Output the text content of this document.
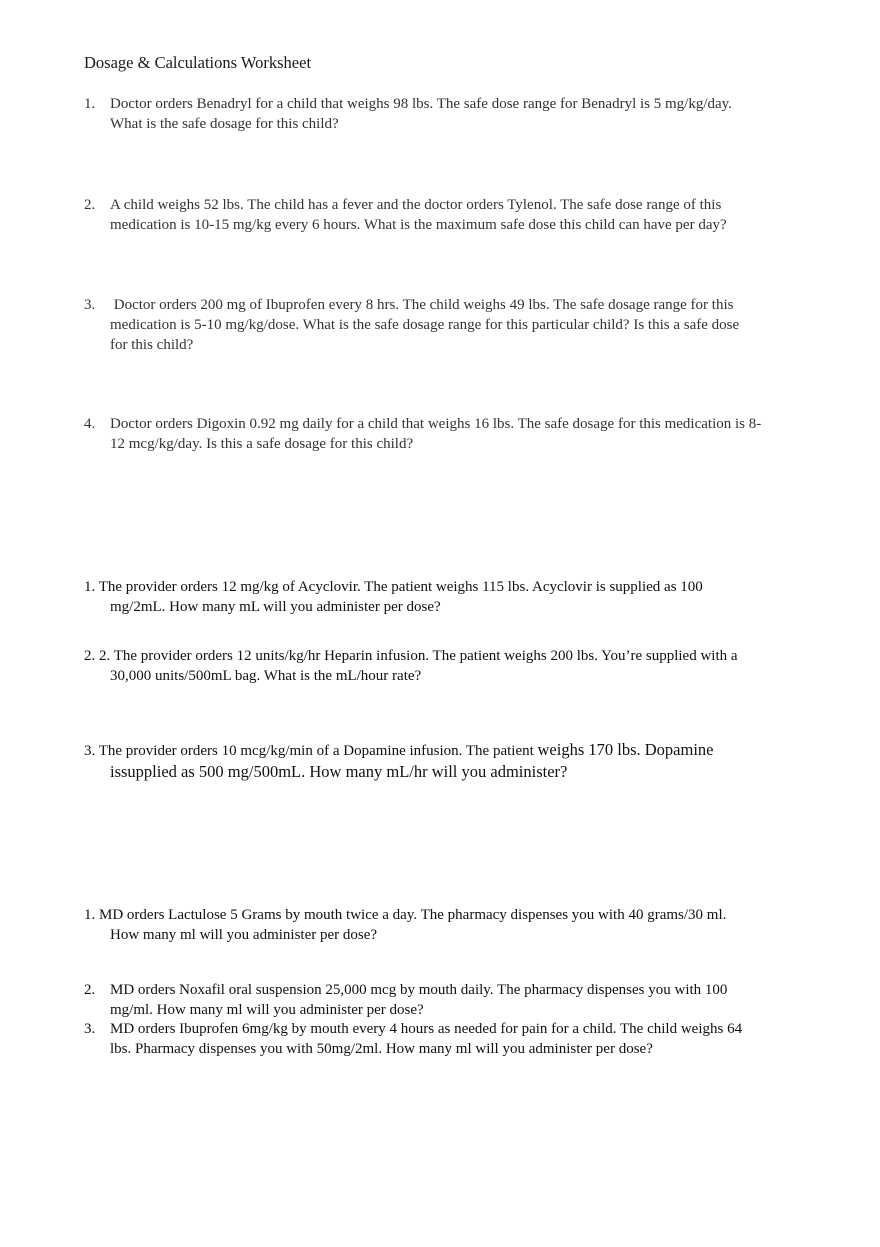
Dosage & Calculations Worksheet
1. Doctor orders Benadryl for a child that weighs 98 lbs. The safe dose range for Benadryl is 5 mg/kg/day.
What is the safe dosage for this child?
2. A child weighs 52 lbs. The child has a fever and the doctor orders Tylenol. The safe dose range of this
medication is 10-15 mg/kg every 6 hours. What is the maximum safe dose this child can have per day?
3. Doctor orders 200 mg of Ibuprofen every 8 hrs. The child weighs 49 lbs. The safe dosage range for this
medication is 5-10 mg/kg/dose. What is the safe dosage range for this particular child? Is this a safe dose
for this child?
4. Doctor orders Digoxin 0.92 mg daily for a child that weighs 16 lbs. The safe dosage for this medication is 8-
12 mcg/kg/day. Is this a safe dosage for this child?
1. The provider orders 12 mg/kg of Acyclovir. The patient weighs 115 lbs. Acyclovir is supplied as 100
mg/2mL. How many mL will you administer per dose?
2. 2. The provider orders 12 units/kg/hr Heparin infusion. The patient weighs 200 lbs. You’re supplied with a
30,000 units/500mL bag. What is the mL/hour rate?
3. The provider orders 10 mcg/kg/min of a Dopamine infusion. The patient weighs 170 lbs. Dopamine
issupplied as 500 mg/500mL. How many mL/hr will you administer?
1. MD orders Lactulose 5 Grams by mouth twice a day. The pharmacy dispenses you with 40 grams/30 ml.
How many ml will you administer per dose?
2. MD orders Noxafil oral suspension 25,000 mcg by mouth daily. The pharmacy dispenses you with 100
mg/ml. How many ml will you administer per dose?
3. MD orders Ibuprofen 6mg/kg by mouth every 4 hours as needed for pain for a child. The child weighs 64
lbs. Pharmacy dispenses you with 50mg/2ml. How many ml will you administer per dose?
